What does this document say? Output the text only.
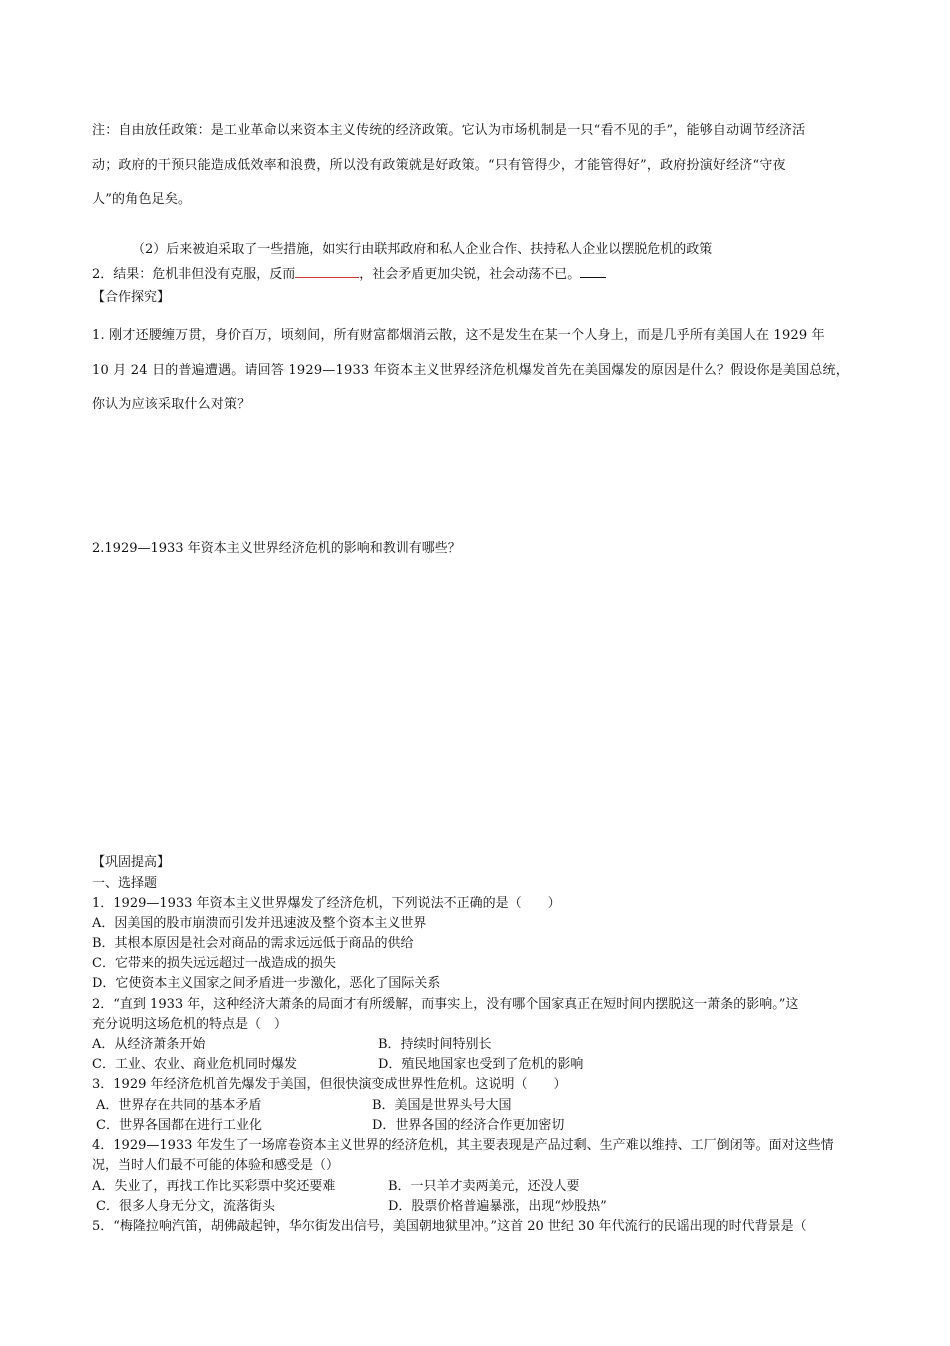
注：自由放任政策：是工业革命以来资本主义传统的经济政策。它认为市场机制是一只“看不见的手”，能够自动调节经济活
动；政府的干预只能造成低效率和浪费，所以没有政策就是好政策。“只有管得少，才能管得好”，政府扮演好经济“守夜
人”的角色足矣。
（2）后来被迫采取了一些措施，如实行由联邦政府和私人企业合作、扶持私人企业以摆脱危机的政策
2．结果：危机非但没有克服，反而	，社会矛盾更加尖锐，社会动荡不已。
【合作探究】
1. 刚才还腰缠万贯，身价百万，顷刻间，所有财富都烟消云散，这不是发生在某一个人身上，而是几乎所有美国人在 1929 年
10 月 24 日的普遍遭遇。请回答 1929—1933 年资本主义世界经济危机爆发首先在美国爆发的原因是什么？假设你是美国总统，
你认为应该采取什么对策？
2.1929—1933 年资本主义世界经济危机的影响和教训有哪些？
【巩固提高】
一、选择题
1．1929—1933 年资本主义世界爆发了经济危机，下列说法不正确的是（　　）
A．因美国的股市崩溃而引发并迅速波及整个资本主义世界
B．其根本原因是社会对商品的需求远远低于商品的供给
C．它带来的损失远远超过一战造成的损失
D．它使资本主义国家之间矛盾进一步激化，恶化了国际关系
2．“直到 1933 年，这种经济大萧条的局面才有所缓解，而事实上，没有哪个国家真正在短时间内摆脱这一萧条的影响。”这
充分说明这场危机的特点是（　）
A．从经济萧条开始	B．持续时间特别长
C．工业、农业、商业危机同时爆发	D．殖民地国家也受到了危机的影响
3．1929 年经济危机首先爆发于美国，但很快演变成世界性危机。这说明（　　）
A．世界存在共同的基本矛盾	B．美国是世界头号大国
C．世界各国都在进行工业化	D．世界各国的经济合作更加密切
4．1929—1933 年发生了一场席卷资本主义世界的经济危机，其主要表现是产品过剩、生产难以维持、工厂倒闭等。面对这些情
况，当时人们最不可能的体验和感受是（）
A．失业了，再找工作比买彩票中奖还要难	B．一只羊才卖两美元，还没人要
C．很多人身无分文，流落街头	D．股票价格普遍暴涨，出现“炒股热”
5．“梅隆拉响汽笛，胡佛敲起钟，华尔街发出信号，美国朝地狱里冲。”这首 20 世纪 30 年代流行的民谣出现的时代背景是（
